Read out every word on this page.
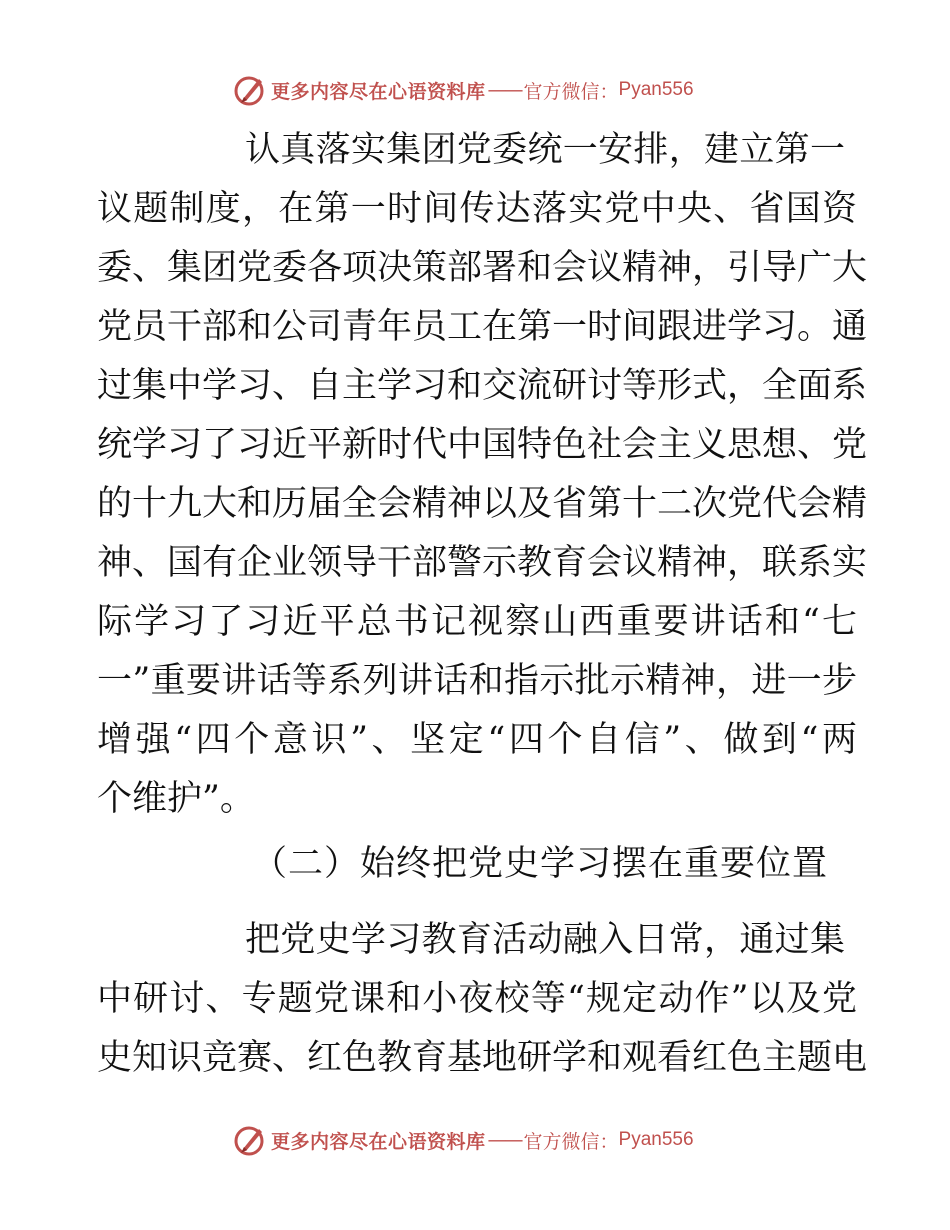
更多内容尽在心语资料库 —— 官方微信： Pyan556
认真落实集团党委统一安排，建立第一
议题制度，在第一时间传达落实党中央、省国资
委、集团党委各项决策部署和会议精神，引导广大
党员干部和公司青年员工在第一时间跟进学习。通
过集中学习、自主学习和交流研讨等形式，全面系
统学习了习近平新时代中国特色社会主义思想、党
的十九大和历届全会精神以及省第十二次党代会精
神、国有企业领导干部警示教育会议精神，联系实
际学习了习近平总书记视察山西重要讲话和“七
一”重要讲话等系列讲话和指示批示精神，进一步
增强“四个意识”、坚定“四个自信”、做到“两
个维护”。
（二）始终把党史学习摆在重要位置
把党史学习教育活动融入日常，通过集
中研讨、专题党课和小夜校等“规定动作”以及党
史知识竞赛、红色教育基地研学和观看红色主题电
更多内容尽在心语资料库 —— 官方微信： Pyan556
